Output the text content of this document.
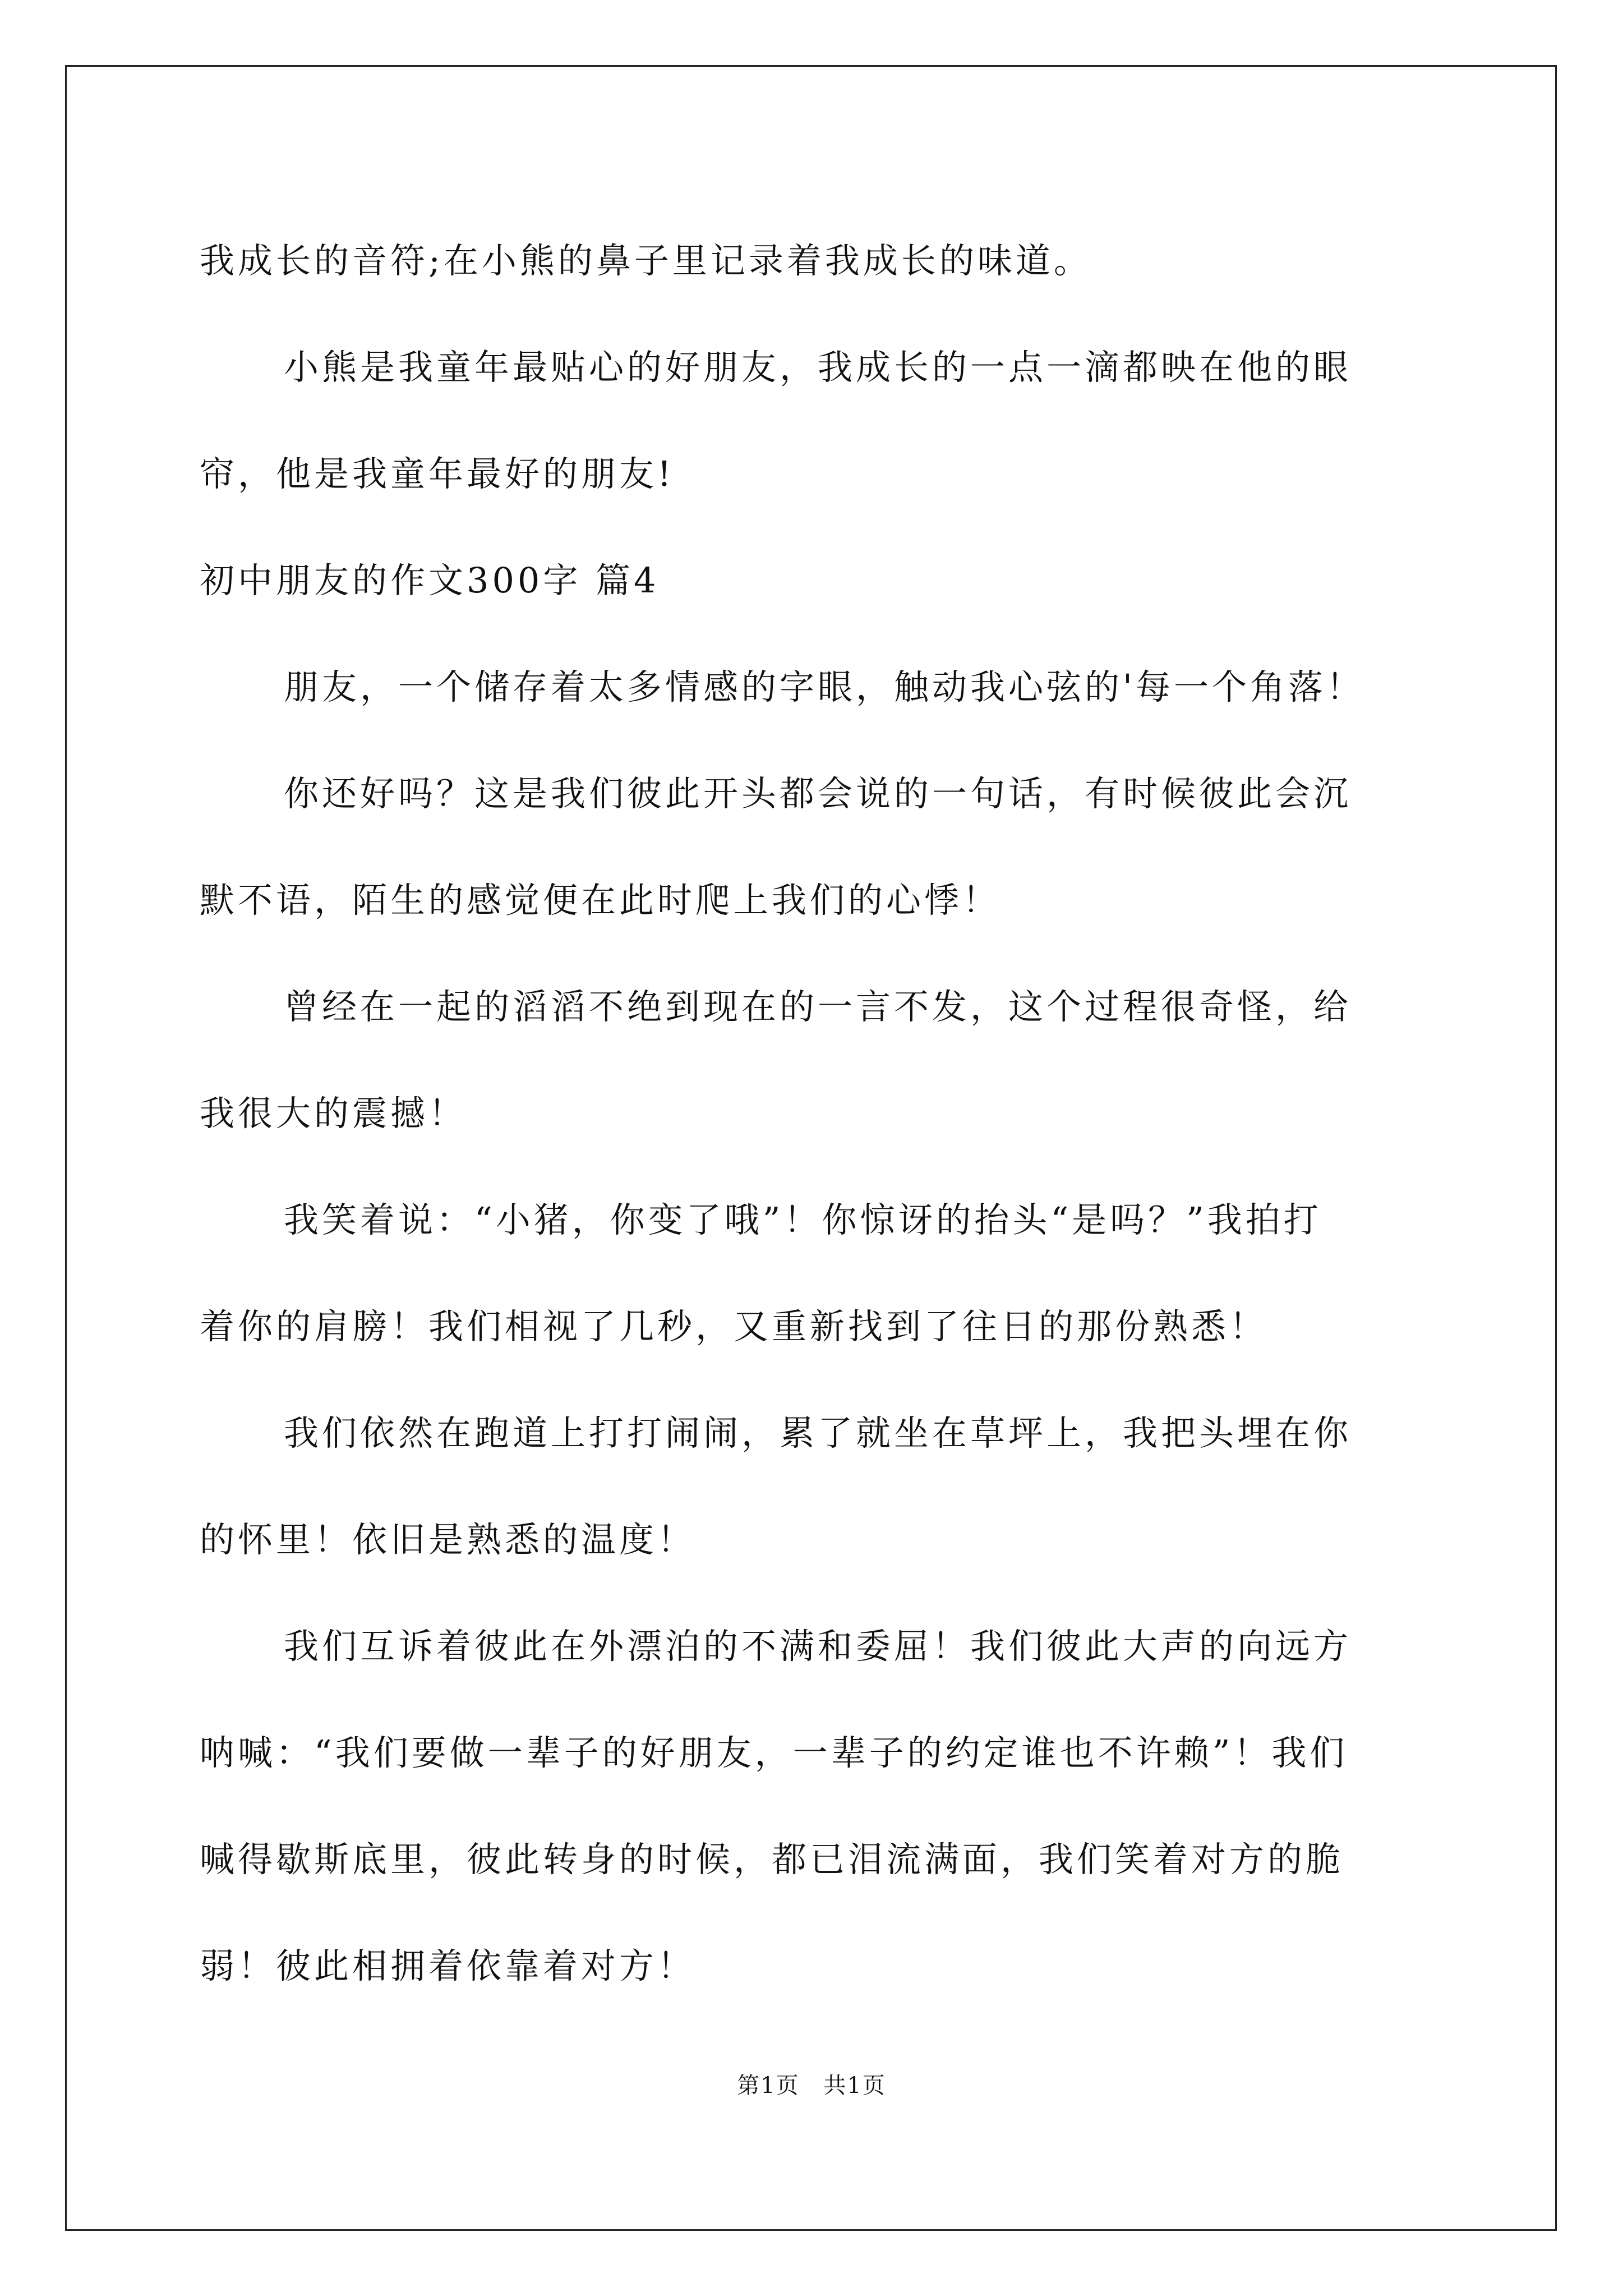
我成长的音符;在小熊的鼻子里记录着我成长的味道。

小熊是我童年最贴心的好朋友，我成长的一点一滴都映在他的眼

帘，他是我童年最好的朋友!

初中朋友的作文300字 篇4

朋友，一个储存着太多情感的字眼，触动我心弦的'每一个角落！

你还好吗？这是我们彼此开头都会说的一句话，有时候彼此会沉

默不语，陌生的感觉便在此时爬上我们的心悸！

曾经在一起的滔滔不绝到现在的一言不发，这个过程很奇怪，给

我很大的震撼！

我笑着说：“小猪，你变了哦”！你惊讶的抬头“是吗？”我拍打

着你的肩膀！我们相视了几秒，又重新找到了往日的那份熟悉！

我们依然在跑道上打打闹闹，累了就坐在草坪上，我把头埋在你

的怀里！依旧是熟悉的温度！

我们互诉着彼此在外漂泊的不满和委屈！我们彼此大声的向远方

呐喊：“我们要做一辈子的好朋友，一辈子的约定谁也不许赖”！我们

喊得歇斯底里，彼此转身的时候，都已泪流满面，我们笑着对方的脆

弱！彼此相拥着依靠着对方！

第1页 共1页
